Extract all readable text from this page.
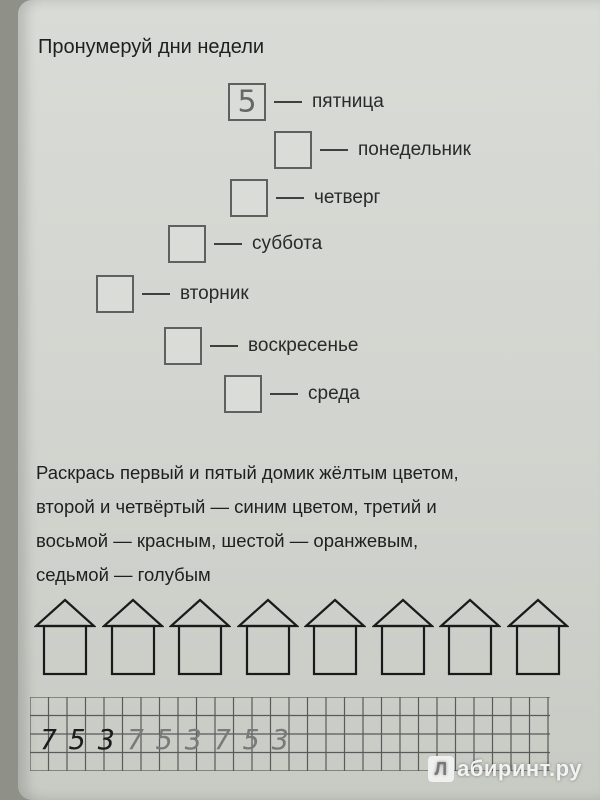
Пронумеруй дни недели
5	пятница
понедельник
четверг
суббота
вторник
воскресенье
среда
Раскрась первый и пятый домик жёлтым цветом,
второй и четвёртый — синим цветом, третий и
восьмой — красным, шестой — оранжевым,
седьмой — голубым
7 5 3 7 5 3 7 5 3
Л абиринт.ру
